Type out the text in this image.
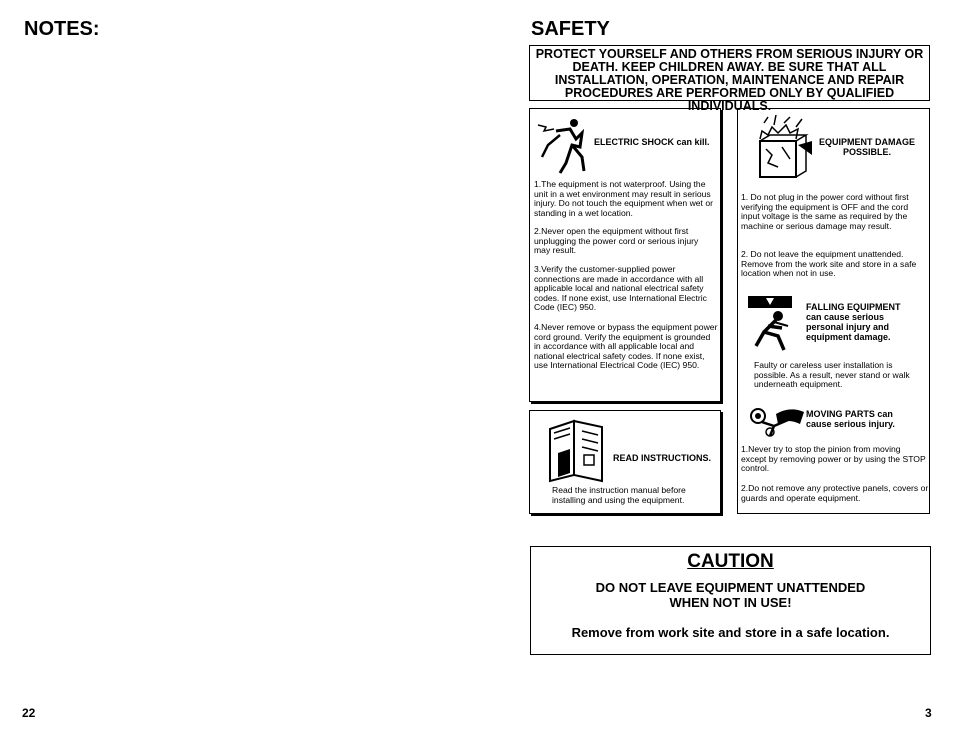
NOTES:
22
SAFETY
PROTECT YOURSELF AND OTHERS FROM SERIOUS INJURY OR DEATH. KEEP CHILDREN AWAY. BE SURE THAT ALL INSTALLATION, OPERATION, MAINTENANCE AND REPAIR PROCEDURES ARE PERFORMED ONLY BY QUALIFIED INDIVIDUALS.
ELECTRIC SHOCK can kill.
1.The equipment is not waterproof. Using the unit in a wet environment may result in serious injury. Do not touch the equipment when wet or standing in a wet location.
2.Never open the equipment without first unplugging the power cord or serious injury may result.
3.Verify the customer-supplied power connections are made in accordance with all applicable local and national electrical safety codes. If none exist, use International Electric Code (IEC) 950.
4.Never remove or bypass the equipment power cord ground. Verify the equipment is grounded in accordance with all applicable local and national electrical safety codes. If none exist, use International Electrical Code (IEC) 950.
READ INSTRUCTIONS.
Read the instruction manual before installing and using the equipment.
EQUIPMENT DAMAGE POSSIBLE.
1. Do not plug in the power cord without first verifying the equipment is OFF and the cord input voltage is the same as required by the machine or serious damage may result.
2. Do not leave the equipment unattended. Remove from the work site and store in a safe location when not in use.
FALLING EQUIPMENT can cause serious personal injury and equipment damage.
Faulty or careless user installation is possible. As a result, never stand or walk underneath equipment.
MOVING PARTS can cause serious injury.
1.Never try to stop the pinion from moving except by removing power or by using the STOP control.
2.Do not remove any protective panels, covers or guards and operate equipment.
CAUTION
DO NOT LEAVE EQUIPMENT UNATTENDED
WHEN NOT IN USE!
Remove from work site and store in a safe location.
3
